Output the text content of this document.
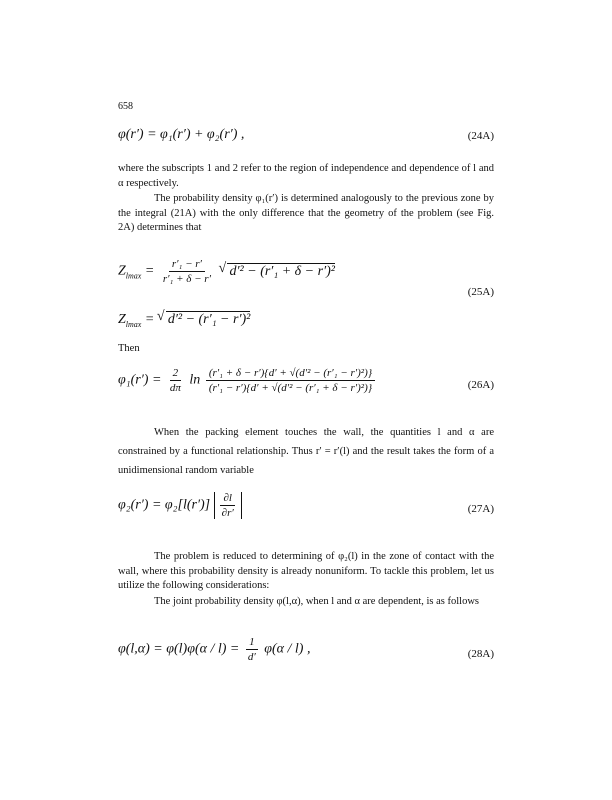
658
φ(r′) = φ₁(r′) + φ₂(r′) ,	(24A)
where the subscripts 1 and 2 refer to the region of independence and dependence of l and α respectively.
The probability density φ₁(r′) is determined analogously to the previous zone by the integral (21A) with the only difference that the geometry of the problem (see Fig. 2A) determines that
$Z_{lmax} = \frac{\text{r′₁ − r′}}{\text{r′₁ + δ − r′}}$
√ d′² − (r′₁ + δ − r′)²
$Z_{lmax}$ = √ d′² − (r′₁ − r′)²
(25A)
Then
$\varphi_1(r') = \frac{2}{d\pi}$ $\ln \frac{\text{(r′₁ + δ − r′)\{d′ + √(d′² − (r′₁ − r′)²)\}}}{\text{(r′₁ − r′)\{d′ + √(d′² − (r′₁ + δ − r′)²)\}}}$	(26A)
When the packing element touches the wall, the quantities l and α are constrained by a functional relationship. Thus r′ = r′(l) and the result takes the form of a unidimensional random variable
$\varphi_2(r') = \varphi_2[l(r')] \frac{\partial l}{\partial r'}$	(27A)
The problem is reduced to determining of φ₂(l) in the zone of contact with the wall, where this probability density is already nonuniform. To tackle this problem, let us utilize the following considerations:
The joint probability density φ(l,α), when l and α are dependent, is as follows
$\varphi(l,\alpha) = \varphi(l)\varphi(\alpha / l) = \frac{1}{d'} \varphi(\alpha / l)$ ,	(28A)
